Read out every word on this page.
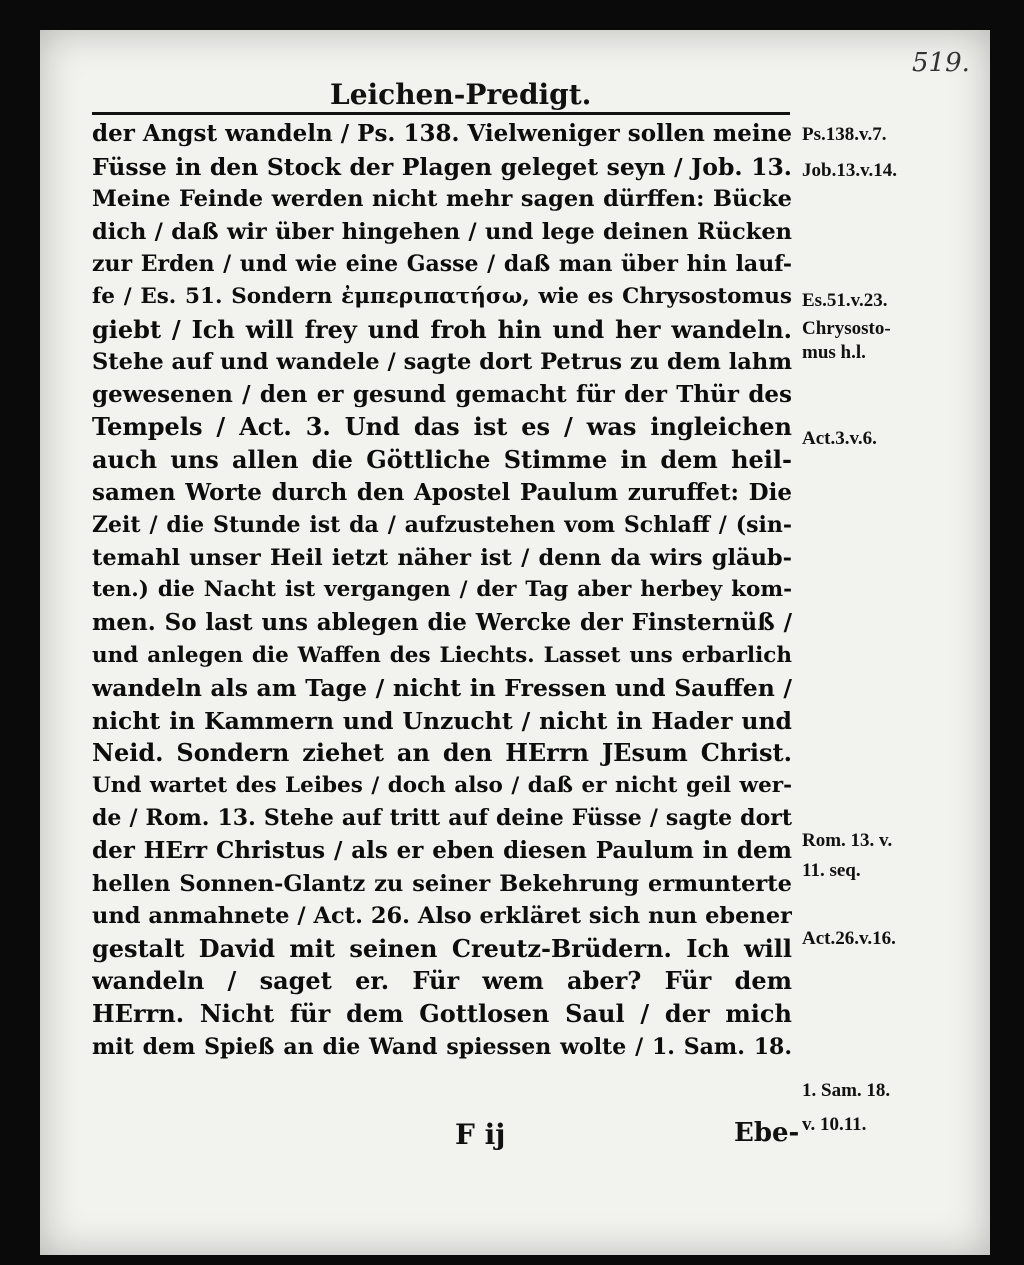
519.
Leichen-Predigt.
der Angst wandeln / Ps. 138. Vielweniger sollen meine
Füsse in den Stock der Plagen geleget seyn / Job. 13.
Meine Feinde werden nicht mehr sagen dürffen: Bücke
dich / daß wir über hingehen / und lege deinen Rücken
zur Erden / und wie eine Gasse / daß man über hin lauf-
fe / Es. 51. Sondern ἐμπεριπατήσω, wie es Chrysostomus
giebt / Ich will frey und froh hin und her wandeln.
Stehe auf und wandele / sagte dort Petrus zu dem lahm
gewesenen / den er gesund gemacht für der Thür des
Tempels / Act. 3. Und das ist es / was ingleichen
auch uns allen die Göttliche Stimme in dem heil-
samen Worte durch den Apostel Paulum zuruffet: Die
Zeit / die Stunde ist da / aufzustehen vom Schlaff / (sin-
temahl unser Heil ietzt näher ist / denn da wirs gläub-
ten.) die Nacht ist vergangen / der Tag aber herbey kom-
men. So last uns ablegen die Wercke der Finsternüß /
und anlegen die Waffen des Liechts. Lasset uns erbarlich
wandeln als am Tage / nicht in Fressen und Sauffen /
nicht in Kammern und Unzucht / nicht in Hader und
Neid. Sondern ziehet an den HErrn JEsum Christ.
Und wartet des Leibes / doch also / daß er nicht geil wer-
de / Rom. 13. Stehe auf tritt auf deine Füsse / sagte dort
der HErr Christus / als er eben diesen Paulum in dem
hellen Sonnen-Glantz zu seiner Bekehrung ermunterte
und anmahnete / Act. 26. Also erkläret sich nun ebener
gestalt David mit seinen Creutz-Brüdern. Ich will
wandeln / saget er. Für wem aber? Für dem
HErrn. Nicht für dem Gottlosen Saul / der mich
mit dem Spieß an die Wand spiessen wolte / 1. Sam. 18.
Ps.138.v.7.
Job.13.v.14.
Es.51.v.23.
Chrysosto-
mus h.l.
Act.3.v.6.
Rom. 13. v.
11. seq.
Act.26.v.16.
1. Sam. 18.
v. 10.11.
F ij	Ebe-
